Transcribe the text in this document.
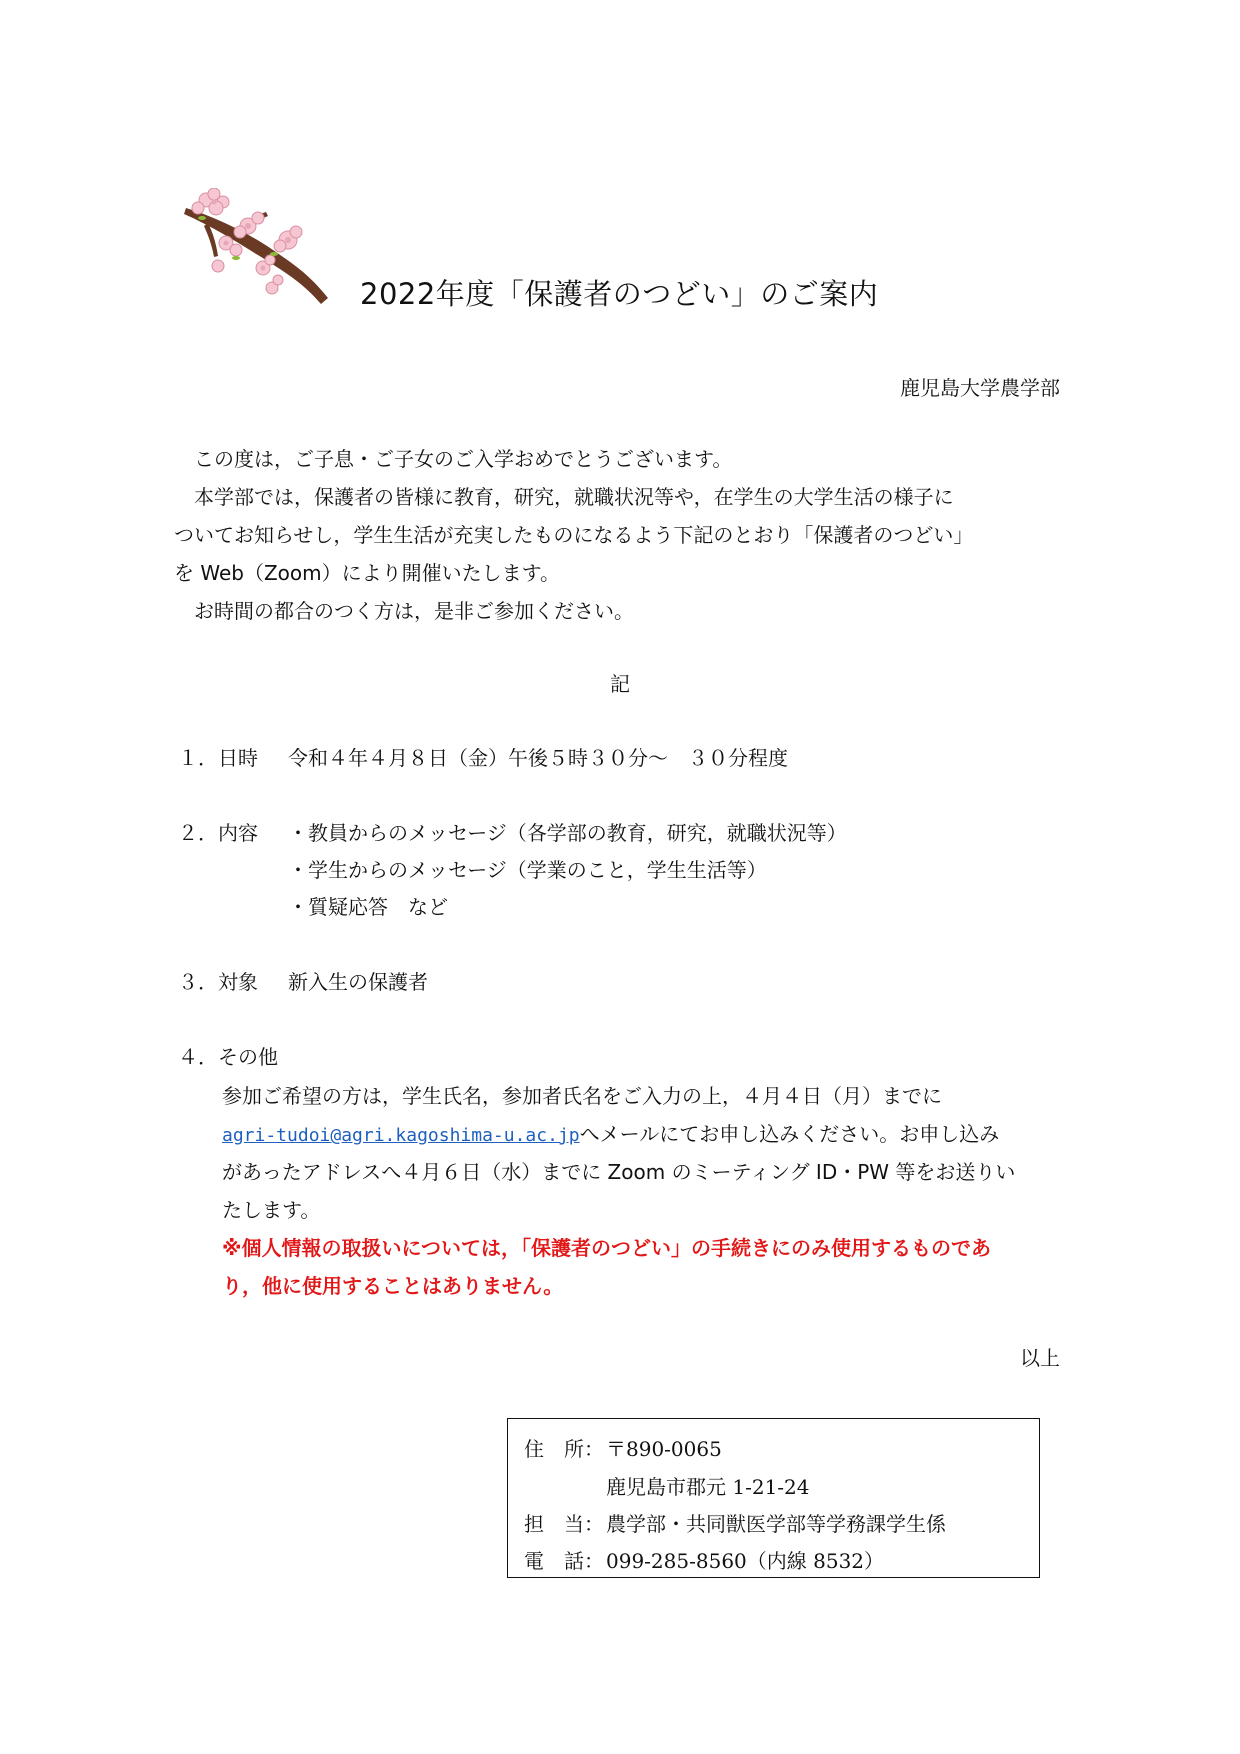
2022年度「保護者のつどい」のご案内
鹿児島大学農学部
　この度は，ご子息・ご子女のご入学おめでとうございます。
　本学部では，保護者の皆様に教育，研究，就職状況等や，在学生の大学生活の様子に
ついてお知らせし，学生生活が充実したものになるよう下記のとおり「保護者のつどい」
を Web（Zoom）により開催いたします。
　お時間の都合のつく方は，是非ご参加ください。
記
１．日時 令和４年４月８日（金）午後５時３０分～　３０分程度
２．内容 ・教員からのメッセージ（各学部の教育，研究，就職状況等）
・学生からのメッセージ（学業のこと，学生生活等）
・質疑応答　など
３．対象 新入生の保護者
４．その他
参加ご希望の方は，学生氏名，参加者氏名をご入力の上，４月４日（月）までに
agri-tudoi@agri.kagoshima-u.ac.jpへメールにてお申し込みください。お申し込み
があったアドレスへ４月６日（水）までに Zoom のミーティング ID・PW 等をお送りい
たします。
※個人情報の取扱いについては，「保護者のつどい」の手続きにのみ使用するものであ
り，他に使用することはありません。
以上
住　所： 〒890-0065
鹿児島市郡元 1-21-24
担　当： 農学部・共同獣医学部等学務課学生係
電　話： 099-285-8560（内線 8532）
